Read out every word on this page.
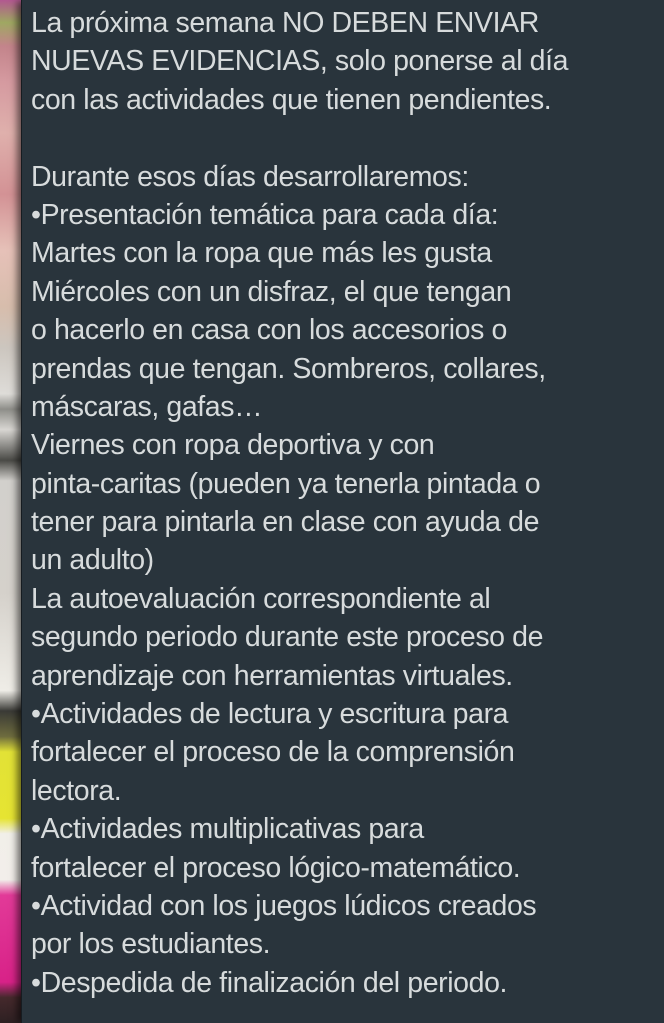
La próxima semana NO DEBEN ENVIAR
NUEVAS EVIDENCIAS, solo ponerse al día
con las actividades que tienen pendientes.

Durante esos días desarrollaremos:
•Presentación temática para cada día:
Martes con la ropa que más les gusta
Miércoles con un disfraz, el que tengan
o hacerlo en casa con los accesorios o
prendas que tengan. Sombreros, collares,
máscaras, gafas…
Viernes con ropa deportiva y con
pinta-caritas (pueden ya tenerla pintada o
tener para pintarla en clase con ayuda de
un adulto)
La autoevaluación correspondiente al
segundo periodo durante este proceso de
aprendizaje con herramientas virtuales.
•Actividades de lectura y escritura para
fortalecer el proceso de la comprensión
lectora.
•Actividades multiplicativas para
fortalecer el proceso lógico-matemático.
•Actividad con los juegos lúdicos creados
por los estudiantes.
•Despedida de finalización del periodo.
